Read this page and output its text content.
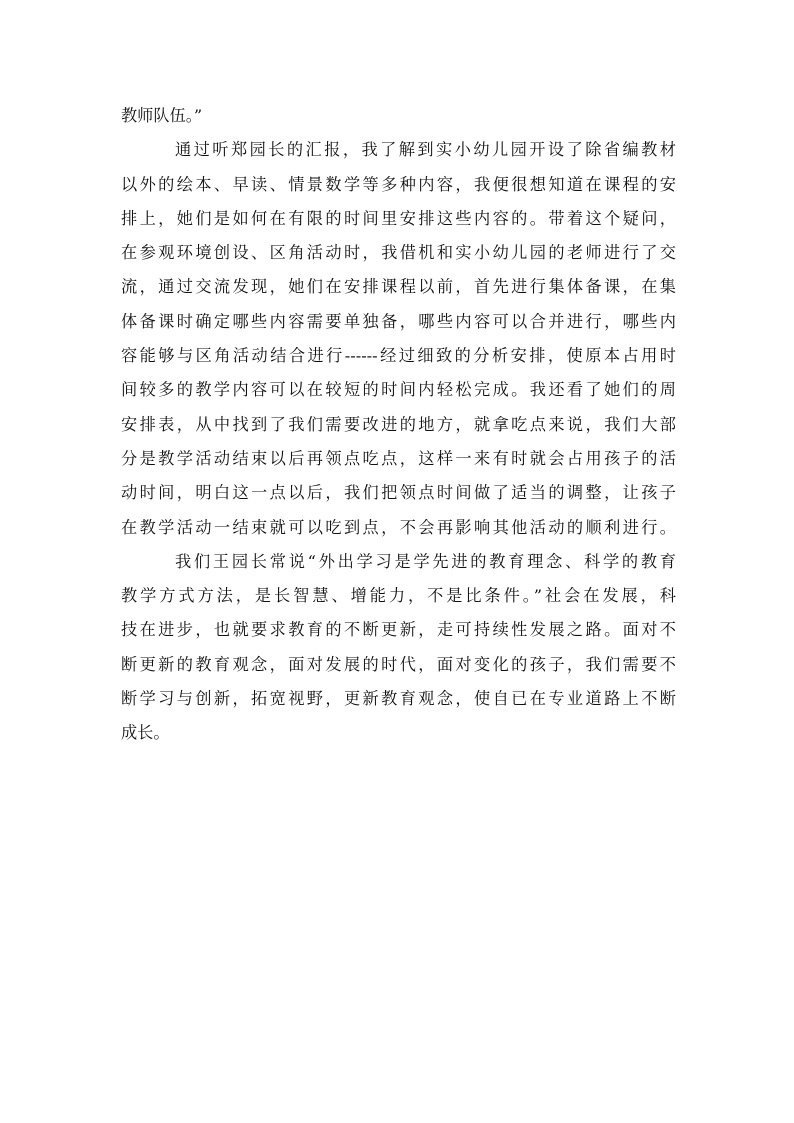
教师队伍。”
通过听郑园长的汇报，我了解到实小幼儿园开设了除省编教材
以外的绘本、早读、情景数学等多种内容，我便很想知道在课程的安
排上，她们是如何在有限的时间里安排这些内容的。带着这个疑问，
在参观环境创设、区角活动时，我借机和实小幼儿园的老师进行了交
流，通过交流发现，她们在安排课程以前，首先进行集体备课，在集
体备课时确定哪些内容需要单独备，哪些内容可以合并进行，哪些内
容能够与区角活动结合进行------经过细致的分析安排，使原本占用时
间较多的教学内容可以在较短的时间内轻松完成。我还看了她们的周
安排表，从中找到了我们需要改进的地方，就拿吃点来说，我们大部
分是教学活动结束以后再领点吃点，这样一来有时就会占用孩子的活
动时间，明白这一点以后，我们把领点时间做了适当的调整，让孩子
在教学活动一结束就可以吃到点，不会再影响其他活动的顺利进行。
我们王园长常说“外出学习是学先进的教育理念、科学的教育
教学方式方法，是长智慧、增能力，不是比条件。”社会在发展，科
技在进步，也就要求教育的不断更新，走可持续性发展之路。面对不
断更新的教育观念，面对发展的时代，面对变化的孩子，我们需要不
断学习与创新，拓宽视野，更新教育观念，使自已在专业道路上不断
成长。
